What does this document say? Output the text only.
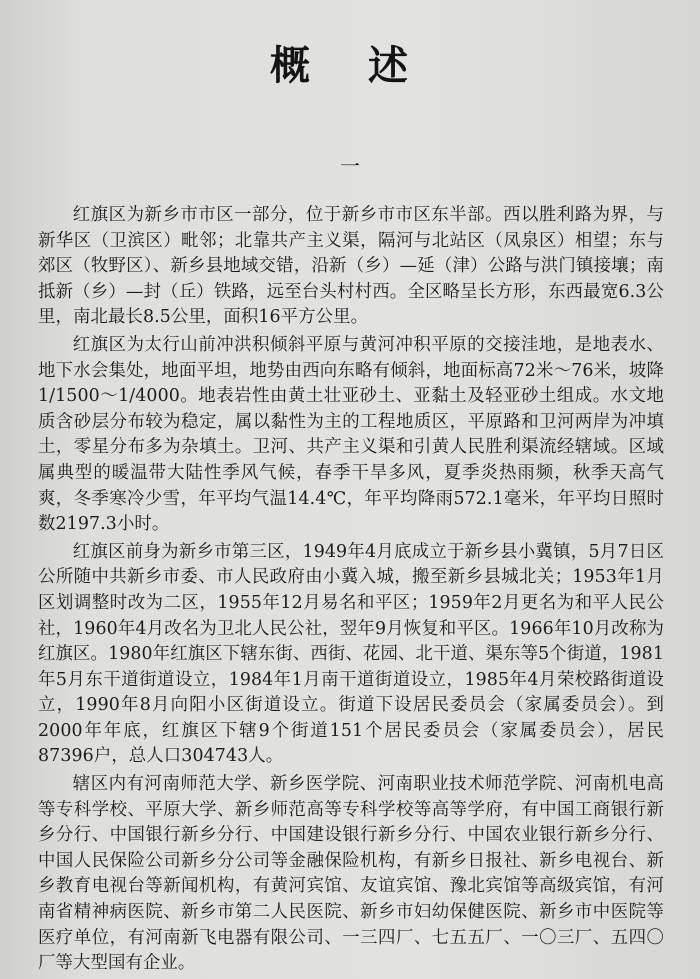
概 述
一

红旗区为新乡市市区一部分，位于新乡市市区东半部。西以胜利路为界，与新华区（卫滨区）毗邻；北靠共产主义渠，隔河与北站区（凤泉区）相望；东与郊区（牧野区）、新乡县地域交错，沿新（乡）—延（津）公路与洪门镇接壤；南抵新（乡）—封（丘）铁路，远至台头村村西。全区略呈长方形，东西最宽6.3公里，南北最长8.5公里，面积16平方公里。

红旗区为太行山前冲洪积倾斜平原与黄河冲积平原的交接洼地，是地表水、地下水会集处，地面平坦，地势由西向东略有倾斜，地面标高72米～76米，坡降1/1500～1/4000。地表岩性由黄土壮亚砂土、亚黏土及轻亚砂土组成。水文地质含砂层分布较为稳定，属以黏性为主的工程地质区，平原路和卫河两岸为冲填土，零星分布多为杂填土。卫河、共产主义渠和引黄人民胜利渠流经辖域。区域属典型的暖温带大陆性季风气候，春季干旱多风，夏季炎热雨频，秋季天高气爽，冬季寒冷少雪，年平均气温14.4℃，年平均降雨572.1毫米，年平均日照时数2197.3小时。

红旗区前身为新乡市第三区，1949年4月底成立于新乡县小冀镇，5月7日区公所随中共新乡市委、市人民政府由小冀入城，搬至新乡县城北关；1953年1月区划调整时改为二区，1955年12月易名和平区；1959年2月更名为和平人民公社，1960年4月改名为卫北人民公社，翌年9月恢复和平区。1966年10月改称为红旗区。1980年红旗区下辖东街、西街、花园、北干道、渠东等5个街道，1981年5月东干道街道设立，1984年1月南干道街道设立，1985年4月荣校路街道设立，1990年8月向阳小区街道设立。街道下设居民委员会（家属委员会）。到2000年年底，红旗区下辖9个街道151个居民委员会（家属委员会），居民87396户，总人口304743人。

辖区内有河南师范大学、新乡医学院、河南职业技术师范学院、河南机电高等专科学校、平原大学、新乡师范高等专科学校等高等学府，有中国工商银行新乡分行、中国银行新乡分行、中国建设银行新乡分行、中国农业银行新乡分行、中国人民保险公司新乡分公司等金融保险机构，有新乡日报社、新乡电视台、新乡教育电视台等新闻机构，有黄河宾馆、友谊宾馆、豫北宾馆等高级宾馆，有河南省精神病医院、新乡市第二人民医院、新乡市妇幼保健医院、新乡市中医院等医疗单位，有河南新飞电器有限公司、一三四厂、七五五厂、一〇三厂、五四〇厂等大型国有企业。
